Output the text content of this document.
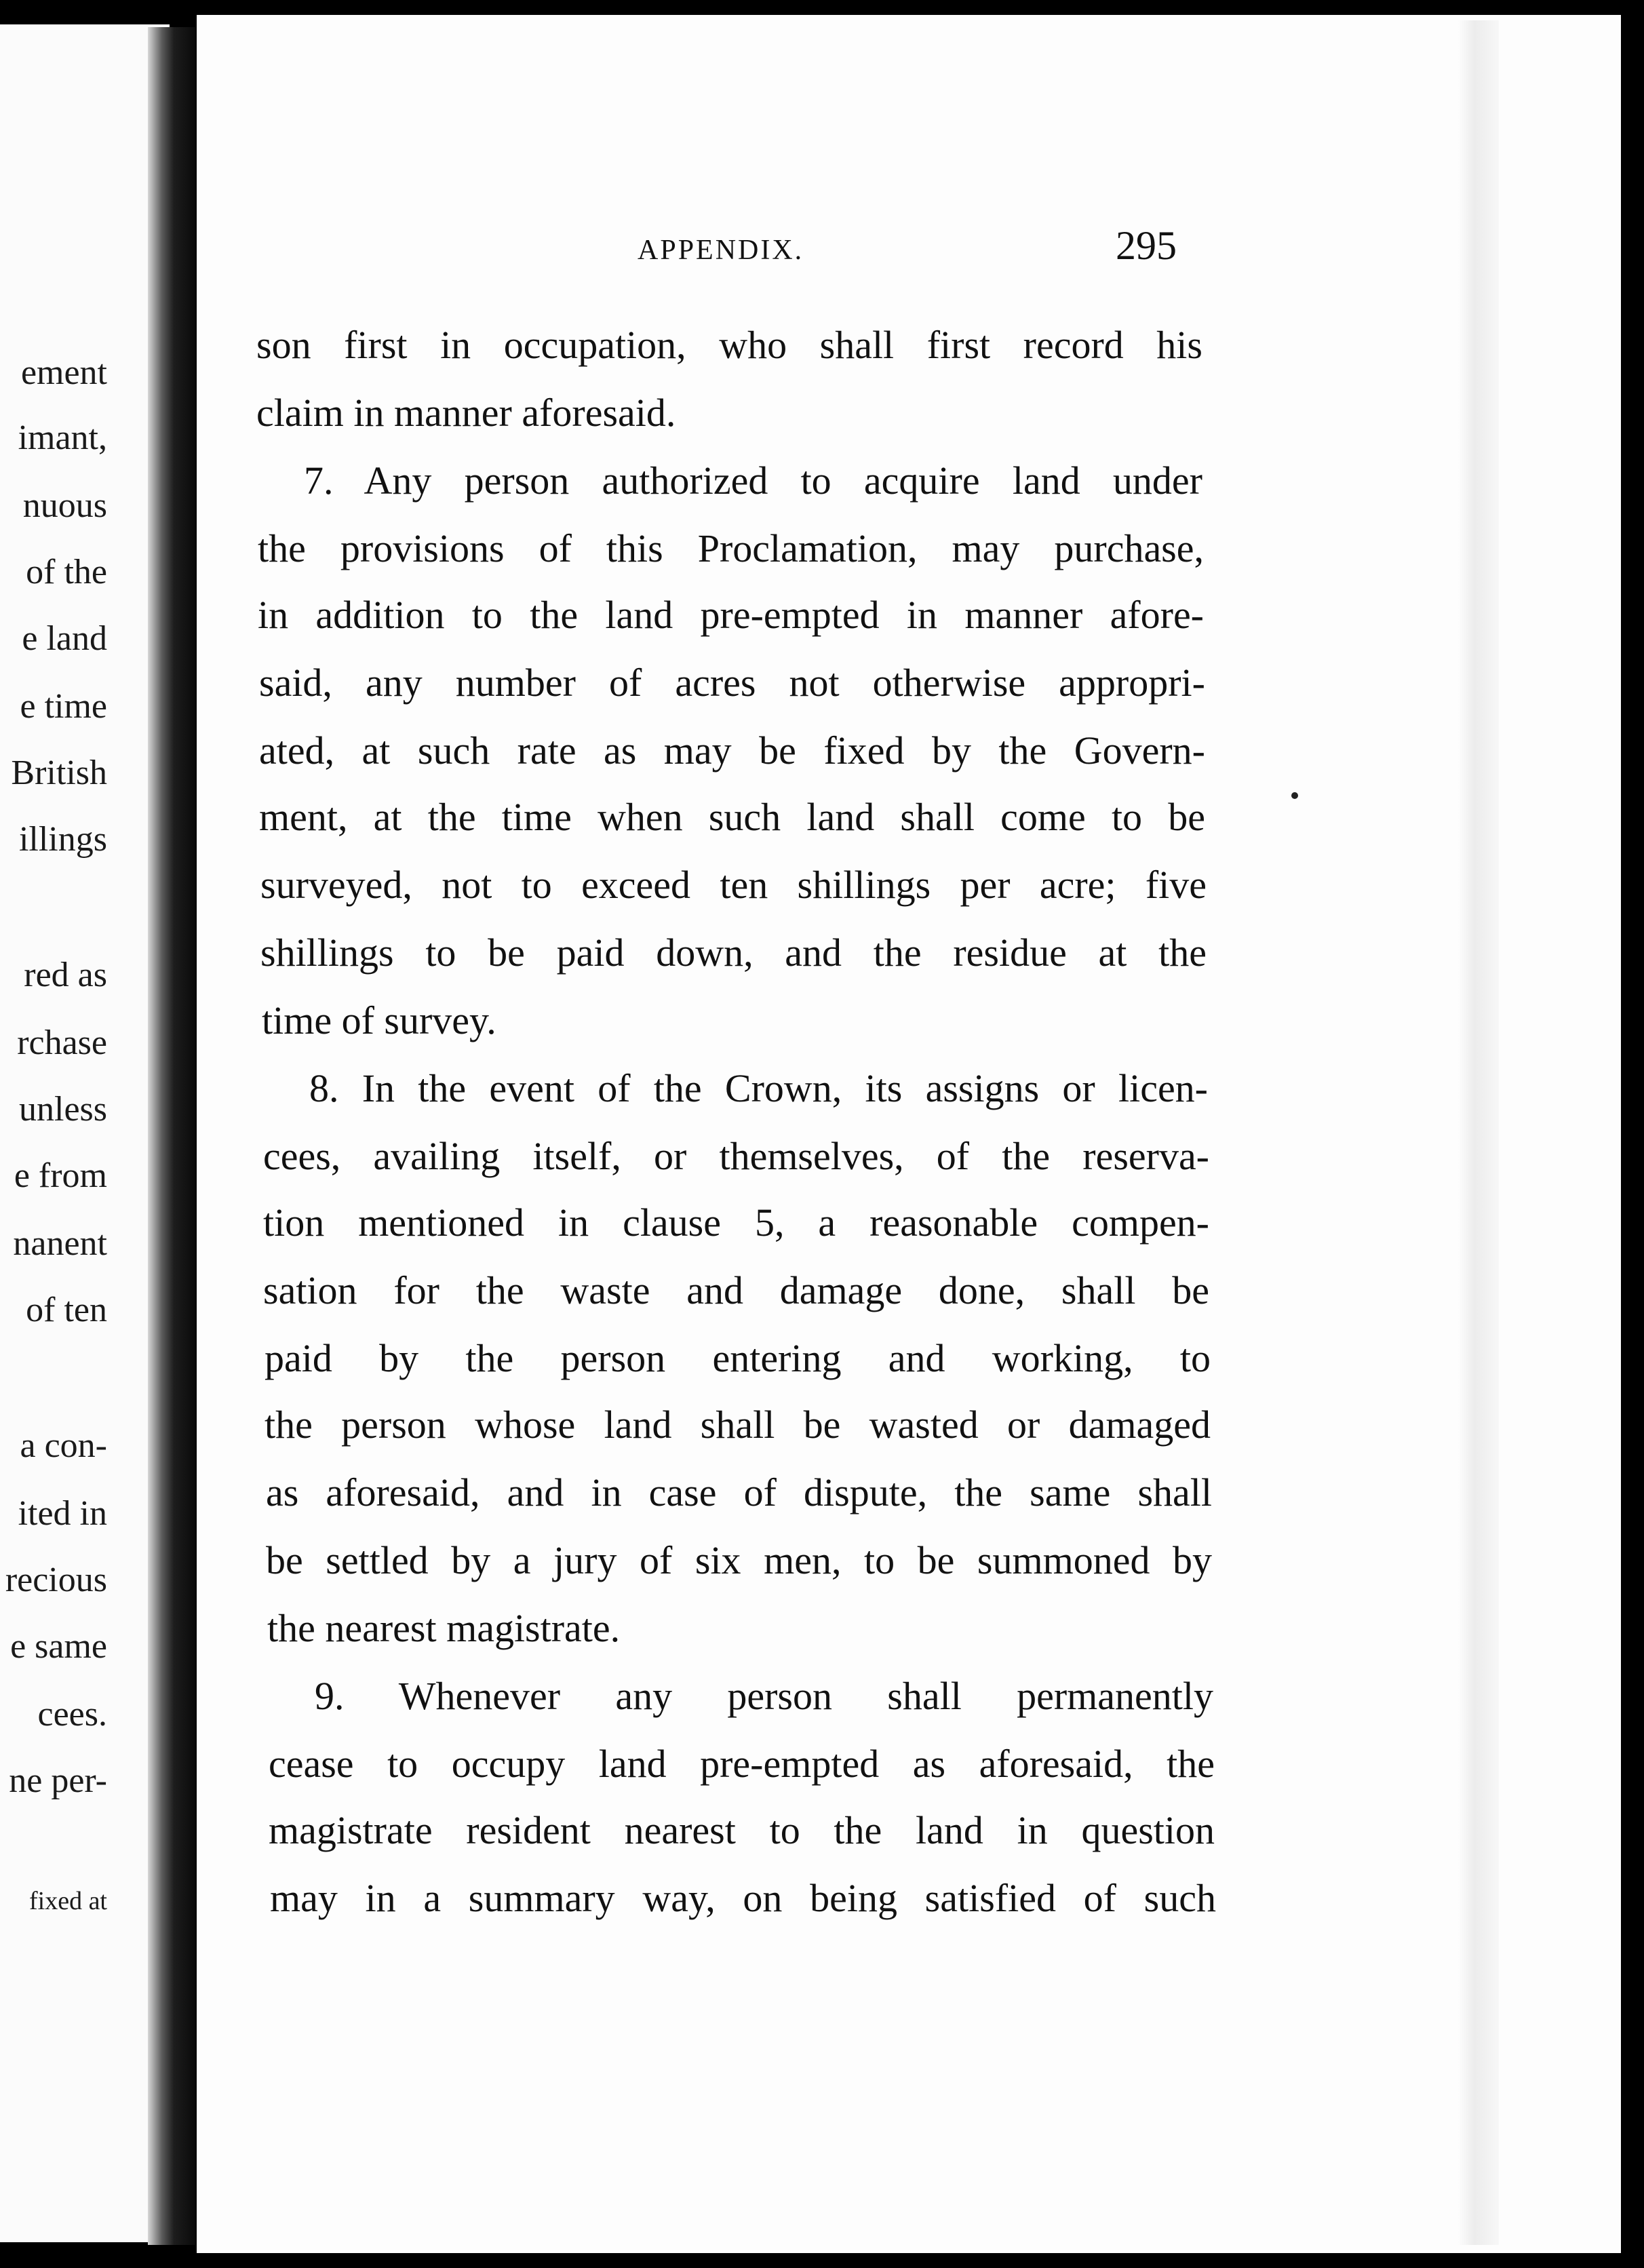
ement
imant,
nuous
of the
e land
e time
British
illings
red as
rchase
unless
e from
nanent
of ten
a con-
ited in
recious
e same
cees.
ne per-
fixed at
APPENDIX.	295
son first in occupation, who shall first record his
claim in manner aforesaid.
7. Any person authorized to acquire land under
the provisions of this Proclamation, may purchase,
in addition to the land pre-empted in manner afore-
said, any number of acres not otherwise appropri-
ated, at such rate as may be fixed by the Govern-
ment, at the time when such land shall come to be
surveyed, not to exceed ten shillings per acre; five
shillings to be paid down, and the residue at the
time of survey.
8. In the event of the Crown, its assigns or licen-
cees, availing itself, or themselves, of the reserva-
tion mentioned in clause 5, a reasonable compen-
sation for the waste and damage done, shall be
paid by the person entering and working, to
the person whose land shall be wasted or damaged
as aforesaid, and in case of dispute, the same shall
be settled by a jury of six men, to be summoned by
the nearest magistrate.
9. Whenever any person shall permanently
cease to occupy land pre-empted as aforesaid, the
magistrate resident nearest to the land in question
may in a summary way, on being satisfied of such
